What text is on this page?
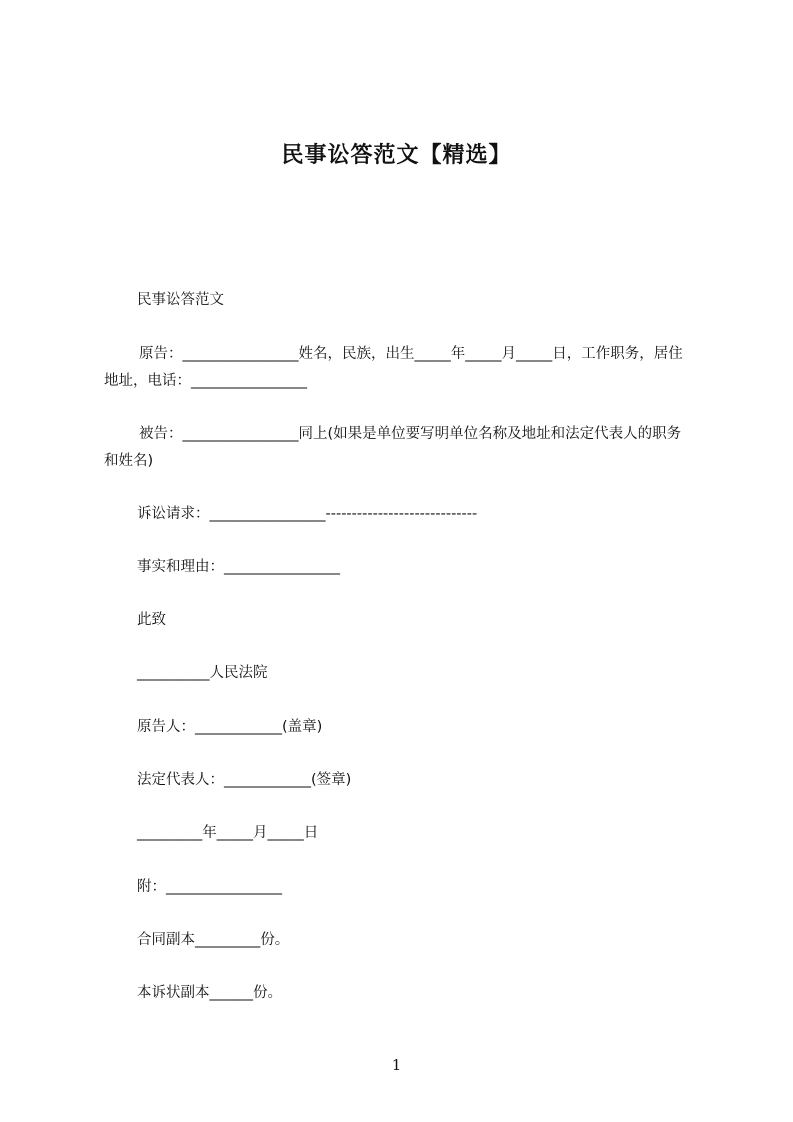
民事讼答范文【精选】
民事讼答范文
原告：________________姓名，民族，出生_____年_____月_____日，工作职务，居住地址，电话：________________
被告：________________同上(如果是单位要写明单位名称及地址和法定代表人的职务和姓名)
诉讼请求：________________-----------------------------
事实和理由：________________
此致
__________人民法院
原告人：____________(盖章)
法定代表人：____________(签章)
_________年_____月_____日
附：________________
合同副本_________份。
本诉状副本______份。
1
